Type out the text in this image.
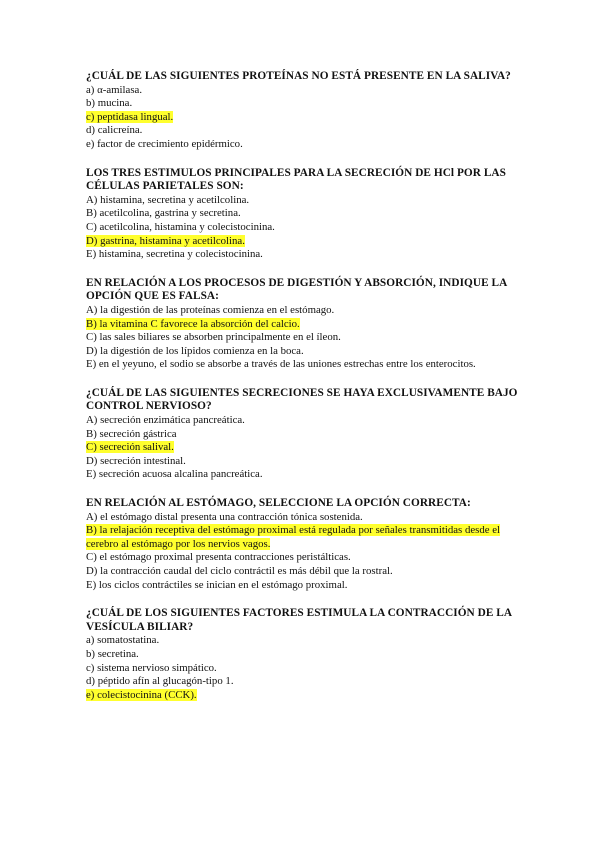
¿CUÁL DE LAS SIGUIENTES PROTEÍNAS NO ESTÁ PRESENTE EN LA SALIVA?

a) α-amilasa.

b) mucina.

c) peptidasa lingual.

d) calicreína.

e) factor de crecimiento epidérmico.

LOS TRES ESTIMULOS PRINCIPALES PARA LA SECRECIÓN DE HCl POR LAS CÉLULAS PARIETALES SON:

A) histamina, secretina y acetilcolina.

B) acetilcolina, gastrina y secretina.

C) acetilcolina, histamina y colecistocinina.

D) gastrina, histamina y acetilcolina.

E) histamina, secretina y colecistocinina.

EN RELACIÓN A LOS PROCESOS DE DIGESTIÓN Y ABSORCIÓN, INDIQUE LA OPCIÓN QUE ES FALSA:

A) la digestión de las proteínas comienza en el estómago.

B) la vitamina C favorece la absorción del calcio.

C) las sales biliares se absorben principalmente en el íleon.

D) la digestión de los lípidos comienza en la boca.

E) en el yeyuno, el sodio se absorbe a través de las uniones estrechas entre los enterocitos.

¿CUÁL DE LAS SIGUIENTES SECRECIONES SE HAYA EXCLUSIVAMENTE BAJO CONTROL NERVIOSO?

A) secreción enzimática pancreática.

B) secreción gástrica

C) secreción salival.

D) secreción intestinal.

E) secreción acuosa alcalina pancreática.

EN RELACIÓN AL ESTÓMAGO, SELECCIONE LA OPCIÓN CORRECTA:

A) el estómago distal presenta una contracción tónica sostenida.

B) la relajación receptiva del estómago proximal está regulada por señales transmitidas desde el cerebro al estómago por los nervios vagos.

C) el estómago proximal presenta contracciones peristálticas.

D) la contracción caudal del ciclo contráctil es más débil que la rostral.

E) los ciclos contráctiles se inician en el estómago proximal.

¿CUÁL DE LOS SIGUIENTES FACTORES ESTIMULA LA CONTRACCIÓN DE LA VESÍCULA BILIAR?

a) somatostatina.

b) secretina.

c) sistema nervioso simpático.

d) péptido afín al glucagón-tipo 1.

e) colecistocinina (CCK).
